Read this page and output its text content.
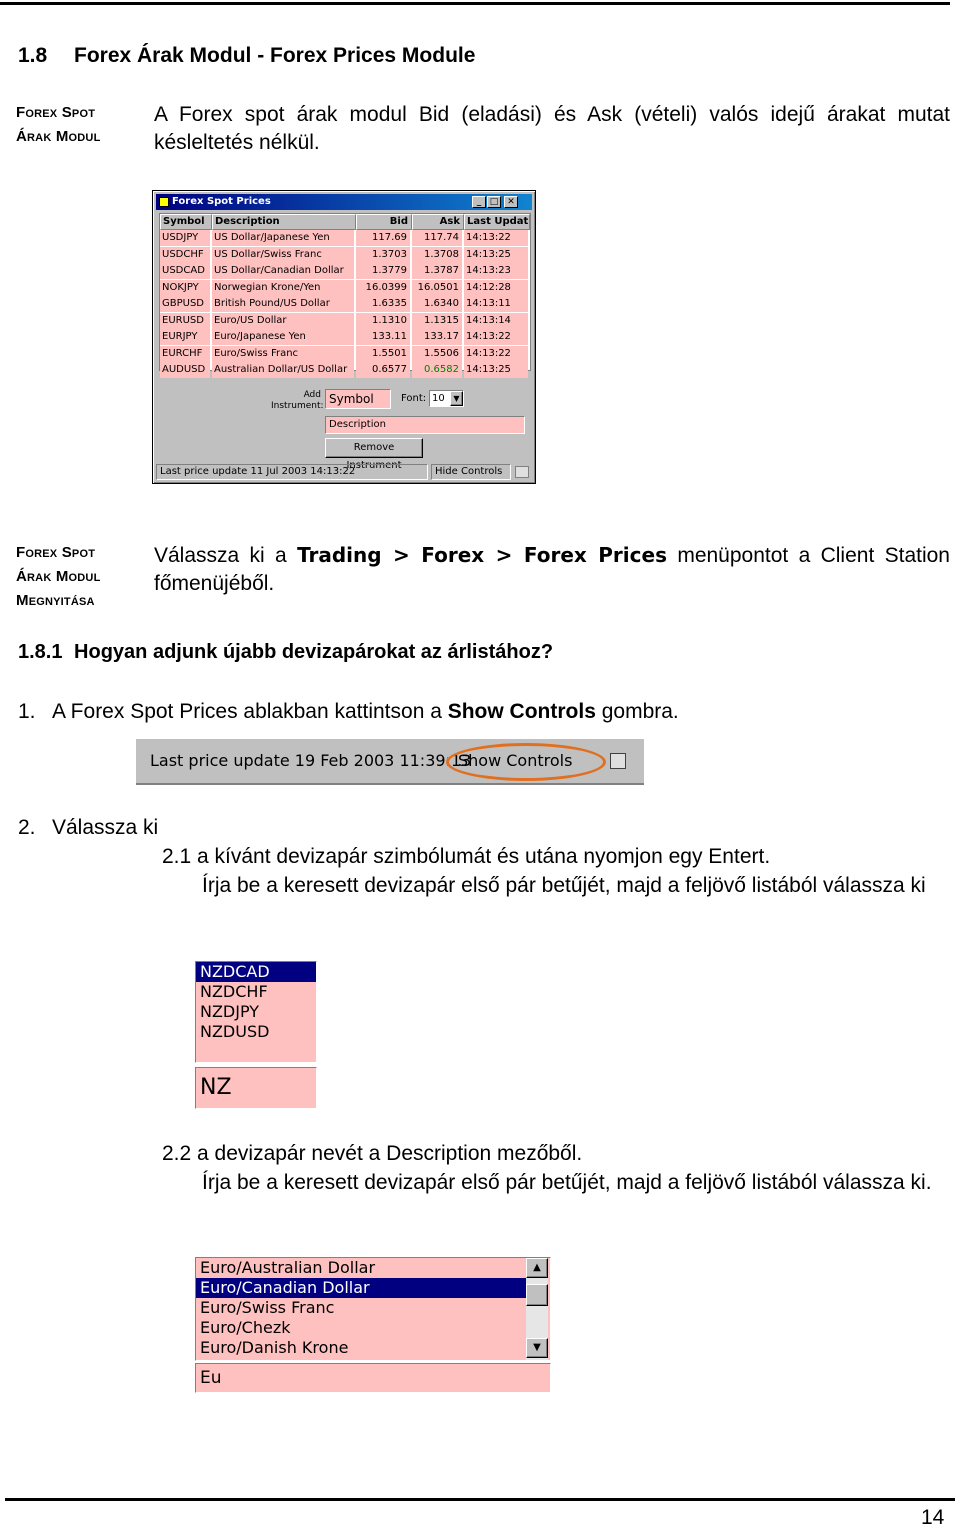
1.8 Forex Árak Modul - Forex Prices Module
Forex Spot
Árak Modul
A Forex spot árak modul Bid (eladási) és Ask (vételi) valós idejű árakat mutat késleltetés nélkül.
Forex Spot Prices	_ □ ✕
Symbol	Description	Bid	Ask Last Updat
USDJPY	US Dollar/Japanese Yen	117.69	117.74 14:13:22
USDCHF	US Dollar/Swiss Franc	1.3703	1.3708 14:13:25
USDCAD US Dollar/Canadian Dollar	1.3779	1.3787 14:13:23
NOKJPY	Norwegian Krone/Yen	16.0399	16.0501 14:12:28
GBPUSD British Pound/US Dollar	1.6335	1.6340 14:13:11
EURUSD	Euro/US Dollar	1.1310	1.1315 14:13:14
EURJPY	Euro/Japanese Yen	133.11	133.17 14:13:22
EURCHF	Euro/Swiss Franc	1.5501	1.5506 14:13:22
AUDUSD Australian Dollar/US Dollar	0.6577	0.6582 14:13:25
Add Instrument: Symbol	Font: 10	▼
Description
Remove Instrument
Last price update 11 Jul 2003 14:13:22	Hide Controls
Forex Spot
Árak Modul
Megnyitása
Válassza ki a Trading > Forex > Forex Prices menüpontot a Client Station főmenüjéből.
1.8.1 Hogyan adjunk újabb devizapárokat az árlistához?
1. A Forex Spot Prices ablakban kattintson a Show Controls gombra.
Last price update 19 Feb 2003 11:39:13
Show Controls
2. Válassza ki
2.1 a kívánt devizapár szimbólumát és utána nyomjon egy Entert.
Írja be a keresett devizapár első pár betűjét, majd a feljövő listából válassza ki
NZDCAD
NZDCHF
NZDJPY
NZDUSD
NZ
2.2 a devizapár nevét a Description mezőből.
Írja be a keresett devizapár első pár betűjét, majd a feljövő listából válassza ki.
Euro/Australian Dollar
Euro/Canadian Dollar
Euro/Swiss Franc
Euro/Chezk
Euro/Danish Krone
▲
▼
Eu
14
